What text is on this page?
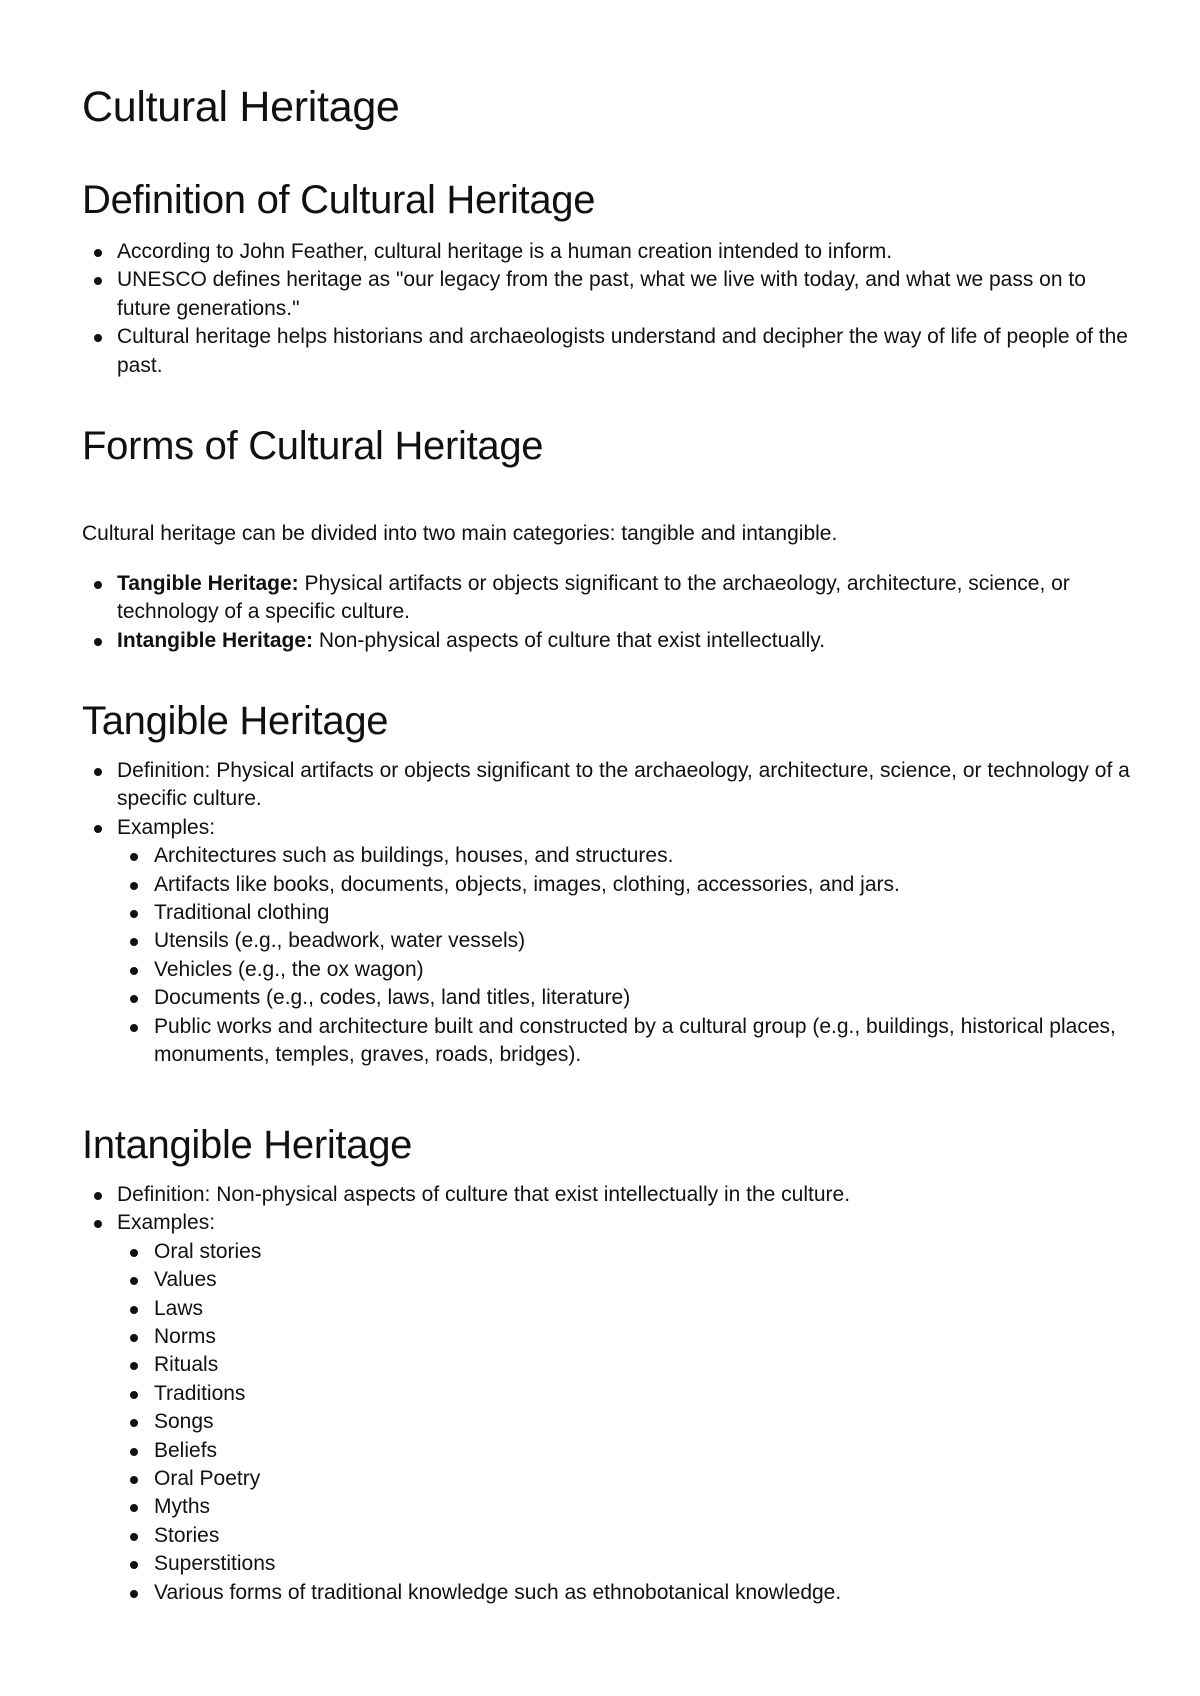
Cultural Heritage
Definition of Cultural Heritage
According to John Feather, cultural heritage is a human creation intended to inform.
UNESCO defines heritage as "our legacy from the past, what we live with today, and what we pass on to future generations."
Cultural heritage helps historians and archaeologists understand and decipher the way of life of people of the past.
Forms of Cultural Heritage

Cultural heritage can be divided into two main categories: tangible and intangible.

Tangible Heritage: Physical artifacts or objects significant to the archaeology, architecture, science, or technology of a specific culture.
Intangible Heritage: Non-physical aspects of culture that exist intellectually.
Tangible Heritage
Definition: Physical artifacts or objects significant to the archaeology, architecture, science, or technology of a specific culture.
Examples:
Architectures such as buildings, houses, and structures.
Artifacts like books, documents, objects, images, clothing, accessories, and jars.
Traditional clothing
Utensils (e.g., beadwork, water vessels)
Vehicles (e.g., the ox wagon)
Documents (e.g., codes, laws, land titles, literature)
Public works and architecture built and constructed by a cultural group (e.g., buildings, historical places, monuments, temples, graves, roads, bridges).
Intangible Heritage
Definition: Non-physical aspects of culture that exist intellectually in the culture.
Examples:
Oral stories
Values
Laws
Norms
Rituals
Traditions
Songs
Beliefs
Oral Poetry
Myths
Stories
Superstitions
Various forms of traditional knowledge such as ethnobotanical knowledge.
